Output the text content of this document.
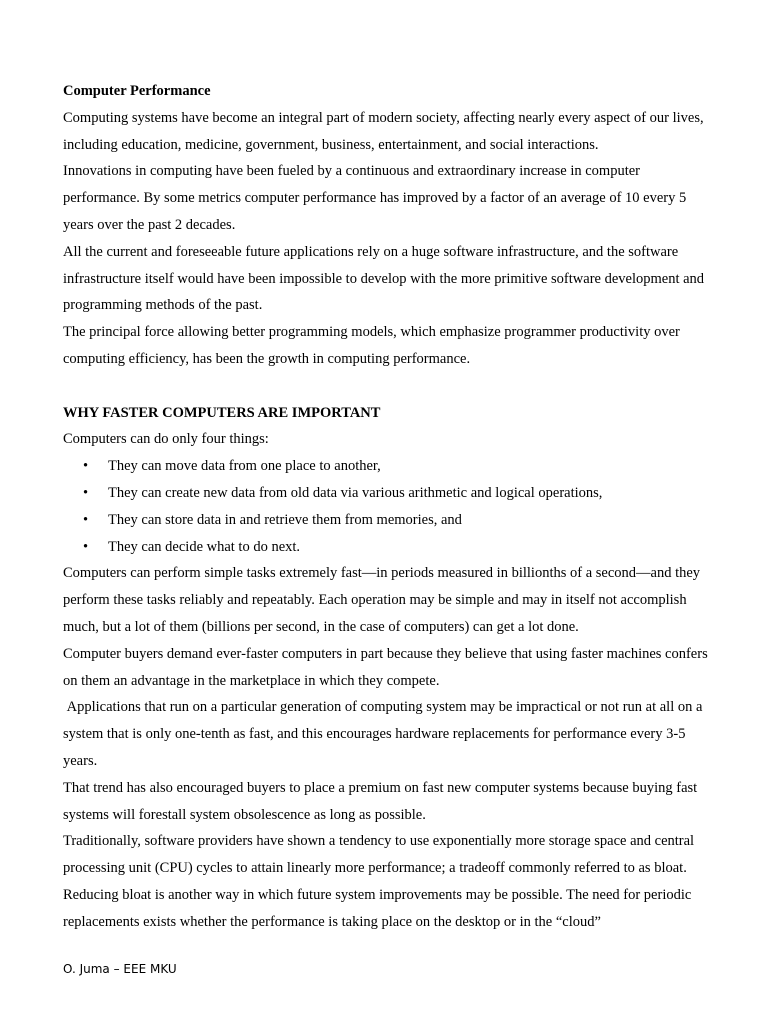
Computer Performance

Computing systems have become an integral part of modern society, affecting nearly every aspect of our lives, including education, medicine, government, business, entertainment, and social interactions.

Innovations in computing have been fueled by a continuous and extraordinary increase in computer performance. By some metrics computer performance has improved by a factor of an average of 10 every 5 years over the past 2 decades.

All the current and foreseeable future applications rely on a huge software infrastructure, and the software infrastructure itself would have been impossible to develop with the more primitive software development and programming methods of the past.

The principal force allowing better programming models, which emphasize programmer productivity over computing efficiency, has been the growth in computing performance.

WHY FASTER COMPUTERS ARE IMPORTANT

Computers can do only four things:

• They can move data from one place to another,
• They can create new data from old data via various arithmetic and logical operations,
• They can store data in and retrieve them from memories, and
• They can decide what to do next.

Computers can perform simple tasks extremely fast—in periods measured in billionths of a second—and they perform these tasks reliably and repeatably. Each operation may be simple and may in itself not accomplish much, but a lot of them (billions per second, in the case of computers) can get a lot done.

Computer buyers demand ever-faster computers in part because they believe that using faster machines confers on them an advantage in the marketplace in which they compete.

Applications that run on a particular generation of computing system may be impractical or not run at all on a system that is only one-tenth as fast, and this encourages hardware replacements for performance every 3-5 years.

That trend has also encouraged buyers to place a premium on fast new computer systems because buying fast systems will forestall system obsolescence as long as possible.

Traditionally, software providers have shown a tendency to use exponentially more storage space and central processing unit (CPU) cycles to attain linearly more performance; a tradeoff commonly referred to as bloat.

Reducing bloat is another way in which future system improvements may be possible. The need for periodic replacements exists whether the performance is taking place on the desktop or in the “cloud”

O. Juma – EEE MKU
